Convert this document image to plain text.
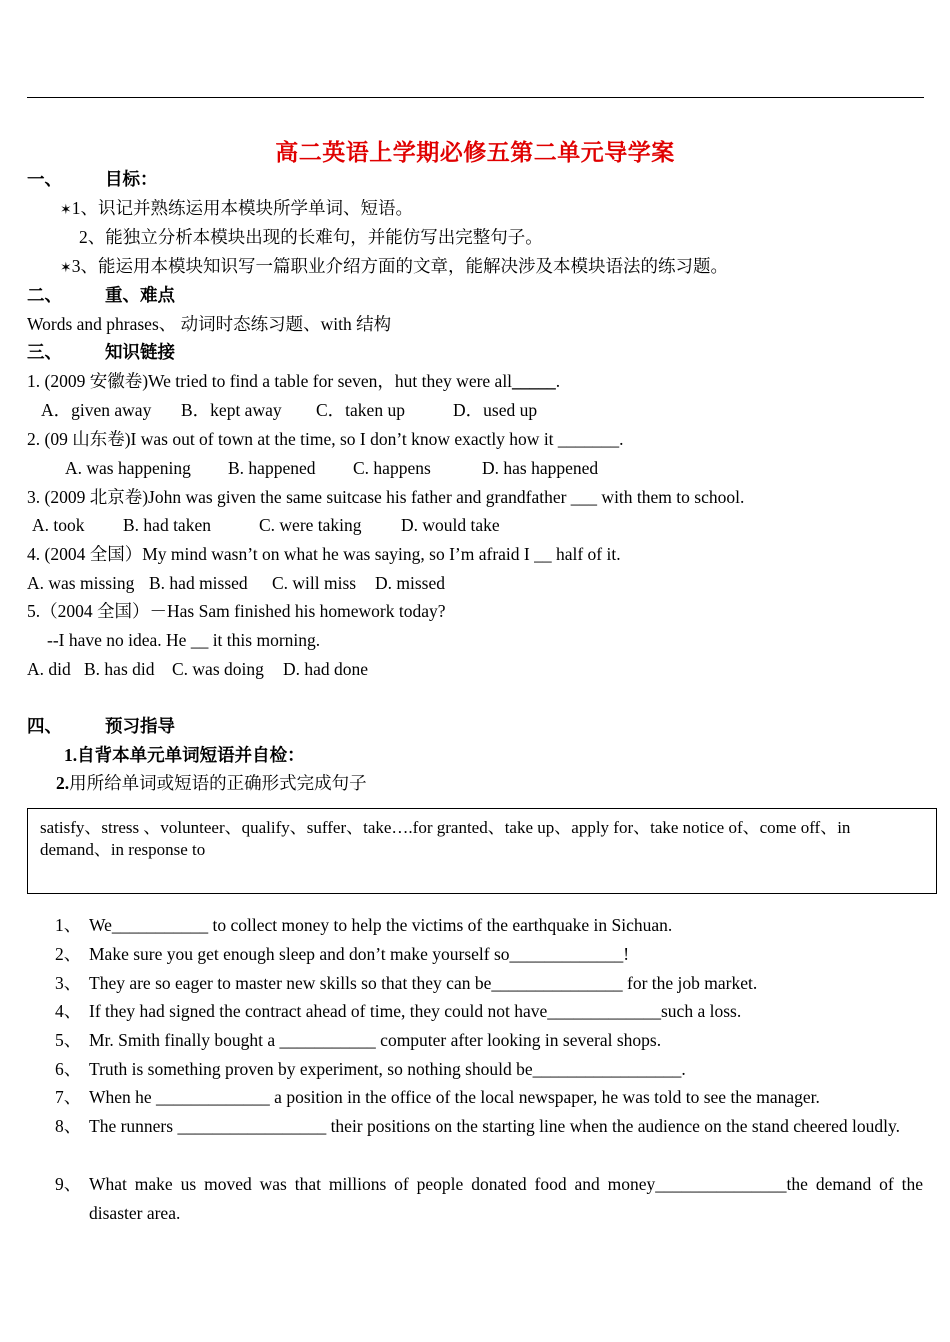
高二英语上学期必修五第二单元导学案
一、 目标：
✶1、识记并熟练运用本模块所学单词、短语。
2、能独立分析本模块出现的长难句，并能仿写出完整句子。
✶3、能运用本模块知识写一篇职业介绍方面的文章，能解决涉及本模块语法的练习题。
二、 重、难点
Words and phrases、 动词时态练习题、with 结构
三、 知识链接
1. (2009 安徽卷)We tried to find a table for seven，hut they were all_____.
A．given away B．kept away C．taken up	D．used up
2. (09 山东卷)I was out of town at the time, so I don’t know exactly how it _______.
A. was happening B. happened C. happens	D. has happened
3. (2009 北京卷)John was given the same suitcase his father and grandfather ___ with them to school.
A. took B. had taken	C. were taking D. would take
4. (2004 全国）My mind wasn’t on what he was saying, so I’m afraid I __ half of it.
A. was missing B. had missed C. will miss D. missed
5.（2004 全国）－Has Sam finished his homework today?
--I have no idea. He __ it this morning.
A. did B. has did C. was doing D. had done
四、 预习指导
1.自背本单元单词短语并自检：
2.用所给单词或短语的正确形式完成句子
satisfy、stress 、volunteer、qualify、suffer、take….for granted、take up、apply for、take notice of、come off、in demand、in response to
1、 We___________ to collect money to help the victims of the earthquake in Sichuan.
2、 Make sure you get enough sleep and don’t make yourself so_____________!
3、 They are so eager to master new skills so that they can be_______________ for the job market.
4、 If they had signed the contract ahead of time, they could not have_____________such a loss.
5、 Mr. Smith finally bought a ___________ computer after looking in several shops.
6、 Truth is something proven by experiment, so nothing should be_________________.
7、 When he _____________ a position in the office of the local newspaper, he was told to see the manager.
8、 The runners _________________ their positions on the starting line when the audience on the stand cheered loudly.
9、 What make us moved was that millions of people donated food and money_______________the demand of the disaster area.
